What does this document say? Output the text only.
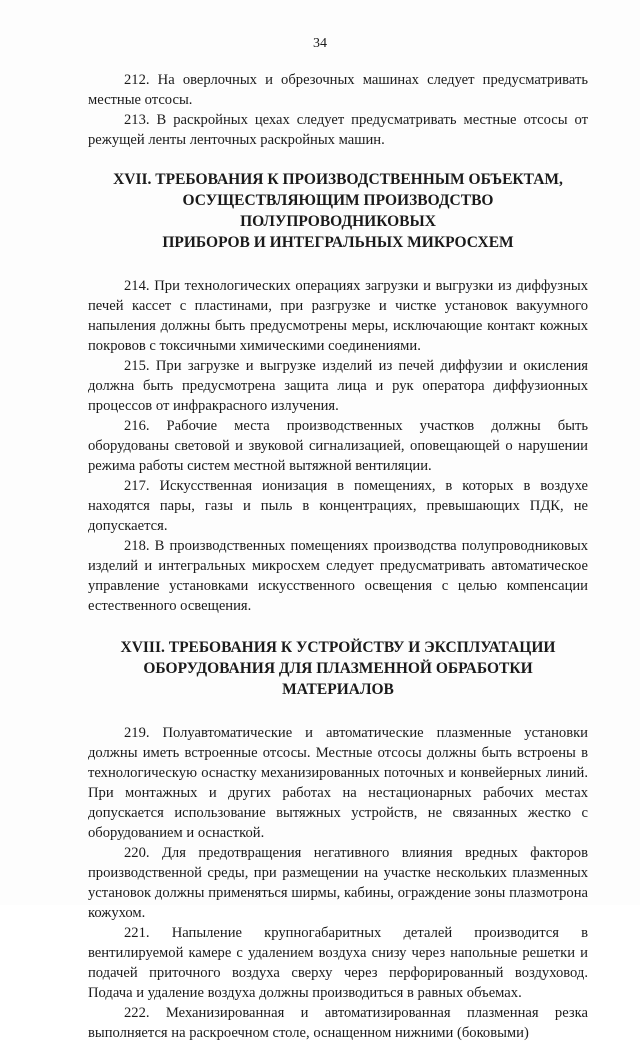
34

212. На оверлочных и обрезочных машинах следует предусматривать местные отсосы.

213. В раскройных цехах следует предусматривать местные отсосы от режущей ленты ленточных раскройных машин.

XVII. ТРЕБОВАНИЯ К ПРОИЗВОДСТВЕННЫМ ОБЪЕКТАМ,
ОСУЩЕСТВЛЯЮЩИМ ПРОИЗВОДСТВО ПОЛУПРОВОДНИКОВЫХ
ПРИБОРОВ И ИНТЕГРАЛЬНЫХ МИКРОСХЕМ

214. При технологических операциях загрузки и выгрузки из диффузных печей кассет с пластинами, при разгрузке и чистке установок вакуумного напыления должны быть предусмотрены меры, исключающие контакт кожных покровов с токсичными химическими соединениями.

215. При загрузке и выгрузке изделий из печей диффузии и окисления должна быть предусмотрена защита лица и рук оператора диффузионных процессов от инфракрасного излучения.

216. Рабочие места производственных участков должны быть оборудованы световой и звуковой сигнализацией, оповещающей о нарушении режима работы систем местной вытяжной вентиляции.

217. Искусственная ионизация в помещениях, в которых в воздухе находятся пары, газы и пыль в концентрациях, превышающих ПДК, не допускается.

218. В производственных помещениях производства полупроводниковых изделий и интегральных микросхем следует предусматривать автоматическое управление установками искусственного освещения с целью компенсации естественного освещения.

XVIII. ТРЕБОВАНИЯ К УСТРОЙСТВУ И ЭКСПЛУАТАЦИИ
ОБОРУДОВАНИЯ ДЛЯ ПЛАЗМЕННОЙ ОБРАБОТКИ МАТЕРИАЛОВ

219. Полуавтоматические и автоматические плазменные установки должны иметь встроенные отсосы. Местные отсосы должны быть встроены в технологическую оснастку механизированных поточных и конвейерных линий. При монтажных и других работах на нестационарных рабочих местах допускается использование вытяжных устройств, не связанных жестко с оборудованием и оснасткой.

220. Для предотвращения негативного влияния вредных факторов производственной среды, при размещении на участке нескольких плазменных установок должны применяться ширмы, кабины, ограждение зоны плазмотрона кожухом.

221. Напыление крупногабаритных деталей производится в вентилируемой камере с удалением воздуха снизу через напольные решетки и подачей приточного воздуха сверху через перфорированный воздуховод. Подача и удаление воздуха должны производиться в равных объемах.

222. Механизированная и автоматизированная плазменная резка выполняется на раскроечном столе, оснащенном нижними (боковыми)
